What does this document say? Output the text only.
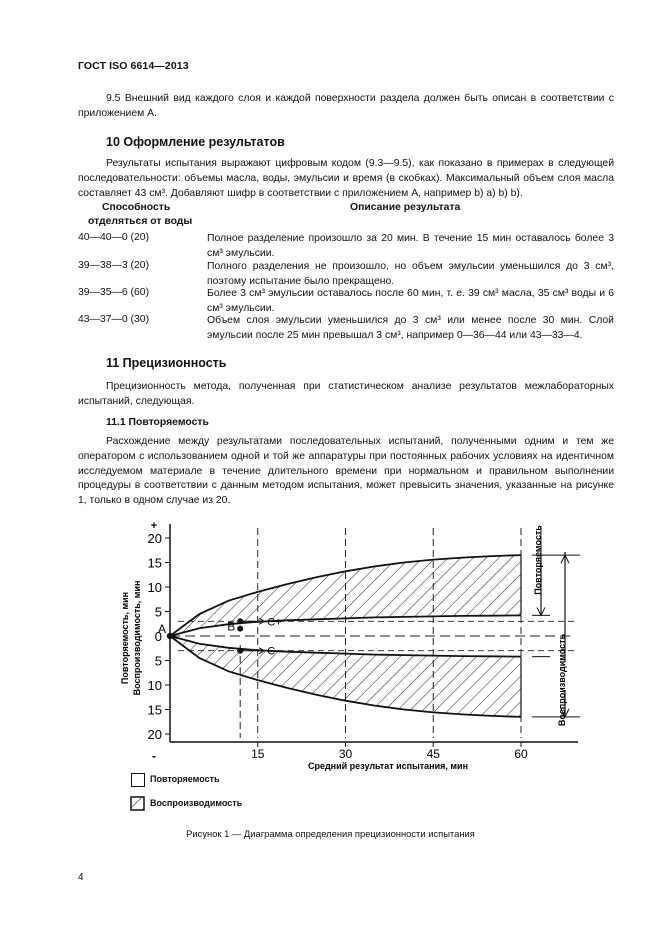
ГОСТ ISO 6614—2013
9.5 Внешний вид каждого слоя и каждой поверхности раздела должен быть описан в соответствии с приложением А.
10 Оформление результатов
Результаты испытания выражают цифровым кодом (9.3—9.5), как показано в примерах в следующей последовательности: объемы масла, воды, эмульсии и время (в скобках). Максимальный объем слоя масла составляет 43 см³. Добавляют шифр в соответствии с приложением А, например b) a) b) b).
Способность
отделяться от воды
Описание результата
40—40—0 (20)	Полное разделение произошло за 20 мин. В течение 15 мин оставалось более 3 см³ эмульсии.
39—38—3 (20)	Полного разделения не произошло, но объем эмульсии уменьшился до 3 см³, поэтому испытание было прекращено.
39—35—6 (60)	Более 3 см³ эмульсии оставалось после 60 мин, т. е. 39 см³ масла, 35 см³ воды и 6 см³ эмульсии.
43—37—0 (30)	Объем слоя эмульсии уменьшился до 3 см³ или менее после 30 мин. Слой эмульсии после 25 мин превышал 3 см³, например 0—36—44 или 43—33—4.
11 Прецизионность
Прецизионность метода, полученная при статистическом анализе результатов межлабораторных испытаний, следующая.
11.1 Повторяемость
Расхождение между результатами последовательных испытаний, полученными одним и тем же оператором с использованием одной и той же аппаратуры при постоянных рабочих условиях на идентичном исследуемом материале в течение длительного времени при нормальном и правильном выполнении процедуры в соответствии с данным методом испытания, может превысить значения, указанные на рисунке 1, только в одном случае из 20.
20
15
10
5
5
10
15
20
0
+
-	15	30	45	60
Повторяемость, мин Воспроизводимость, мин
Средний результат испытания, мин
A	B	C+
C−
Повторяемость
Воспроизводимость
Повторяемость
Воспроизводимость
Рисунок 1 — Диаграмма определения прецизионности испытания
4
